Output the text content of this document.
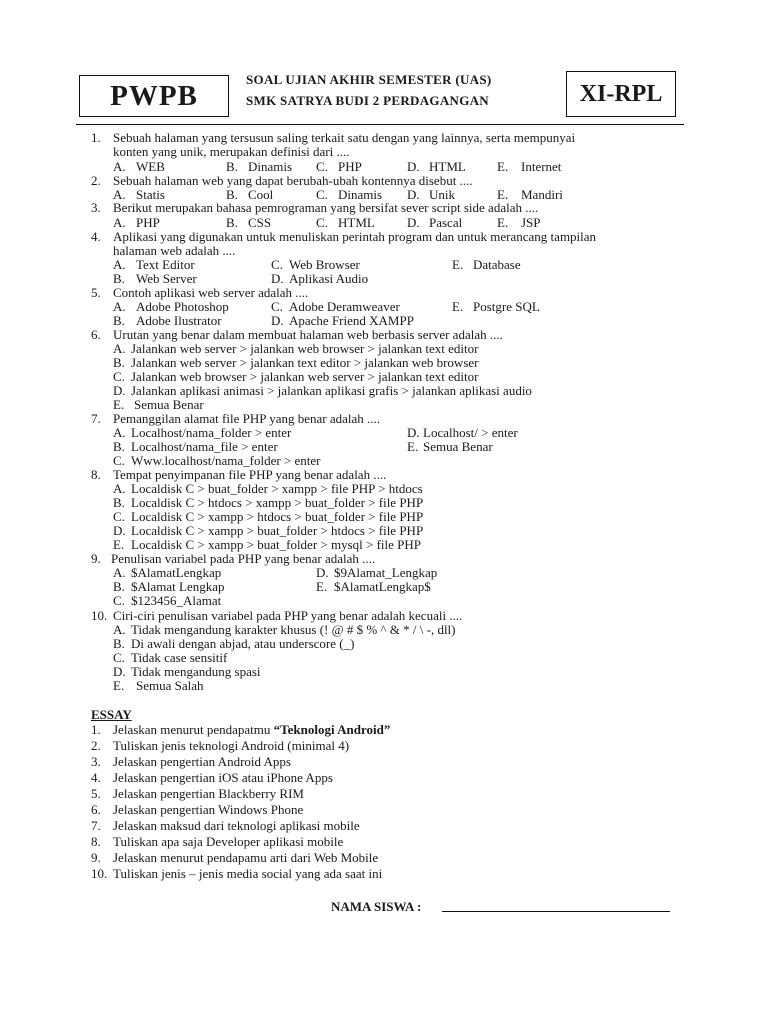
PWPB	SOAL UJIAN AKHIR SEMESTER (UAS)
SMK SATRYA BUDI 2 PERDAGANGAN	XI-RPL
1. Sebuah halaman yang tersusun saling terkait satu dengan yang lainnya, serta mempunyai
konten yang unik, merupakan definisi dari ....
A. WEB	B. Dinamis C. PHP	D. HTML E. Internet
2. Sebuah halaman web yang dapat berubah-ubah kontennya disebut ....
A. Statis	B. Cool	C. Dinamis D. Unik	E. Mandiri
3. Berikut merupakan bahasa pemrograman yang bersifat sever script side adalah ....
A. PHP	B. CSS	C. HTML D. Pascal	E. JSP
4. Aplikasi yang digunakan untuk menuliskan perintah program dan untuk merancang tampilan
halaman web adalah ....
A. Text Editor	C. Web Browser	E. Database
B. Web Server	D. Aplikasi Audio
5. Contoh aplikasi web server adalah ....
A. Adobe Photoshop	C. Adobe Deramweaver	E. Postgre SQL
B. Adobe Ilustrator	D. Apache Friend XAMPP
6. Urutan yang benar dalam membuat halaman web berbasis server adalah ....
A. Jalankan web server > jalankan web browser > jalankan text editor
B. Jalankan web server > jalankan text editor > jalankan web browser
C. Jalankan web browser > jalankan web server > jalankan text editor
D. Jalankan aplikasi animasi > jalankan aplikasi grafis > jalankan aplikasi audio
E. Semua Benar
7. Pemanggilan alamat file PHP yang benar adalah ....
A. Localhost/nama_folder > enter	D. Localhost/ > enter
B. Localhost/nama_file > enter	E. Semua Benar
C. Www.localhost/nama_folder > enter
8. Tempat penyimpanan file PHP yang benar adalah ....
A. Localdisk C > buat_folder > xampp > file PHP > htdocs
B. Localdisk C > htdocs > xampp > buat_folder > file PHP
C. Localdisk C > xampp > htdocs > buat_folder > file PHP
D. Localdisk C > xampp > buat_folder > htdocs > file PHP
E. Localdisk C > xampp > buat_folder > mysql > file PHP
9. Penulisan variabel pada PHP yang benar adalah ....
A. $AlamatLengkap	D. $9Alamat_Lengkap
B. $Alamat Lengkap	E. $AlamatLengkap$
C. $123456_Alamat
10. Ciri-ciri penulisan variabel pada PHP yang benar adalah kecuali ....
A. Tidak mengandung karakter khusus (! @ # $ % ^ & * / \ -, dll)
B. Di awali dengan abjad, atau underscore (_)
C. Tidak case sensitif
D. Tidak mengandung spasi
E. Semua Salah
ESSAY
1. Jelaskan menurut pendapatmu “Teknologi Android”
2. Tuliskan jenis teknologi Android (minimal 4)
3. Jelaskan pengertian Android Apps
4. Jelaskan pengertian iOS atau iPhone Apps
5. Jelaskan pengertian Blackberry RIM
6. Jelaskan pengertian Windows Phone
7. Jelaskan maksud dari teknologi aplikasi mobile
8. Tuliskan apa saja Developer aplikasi mobile
9. Jelaskan menurut pendapamu arti dari Web Mobile
10. Tuliskan jenis – jenis media social yang ada saat ini
NAMA SISWA :
